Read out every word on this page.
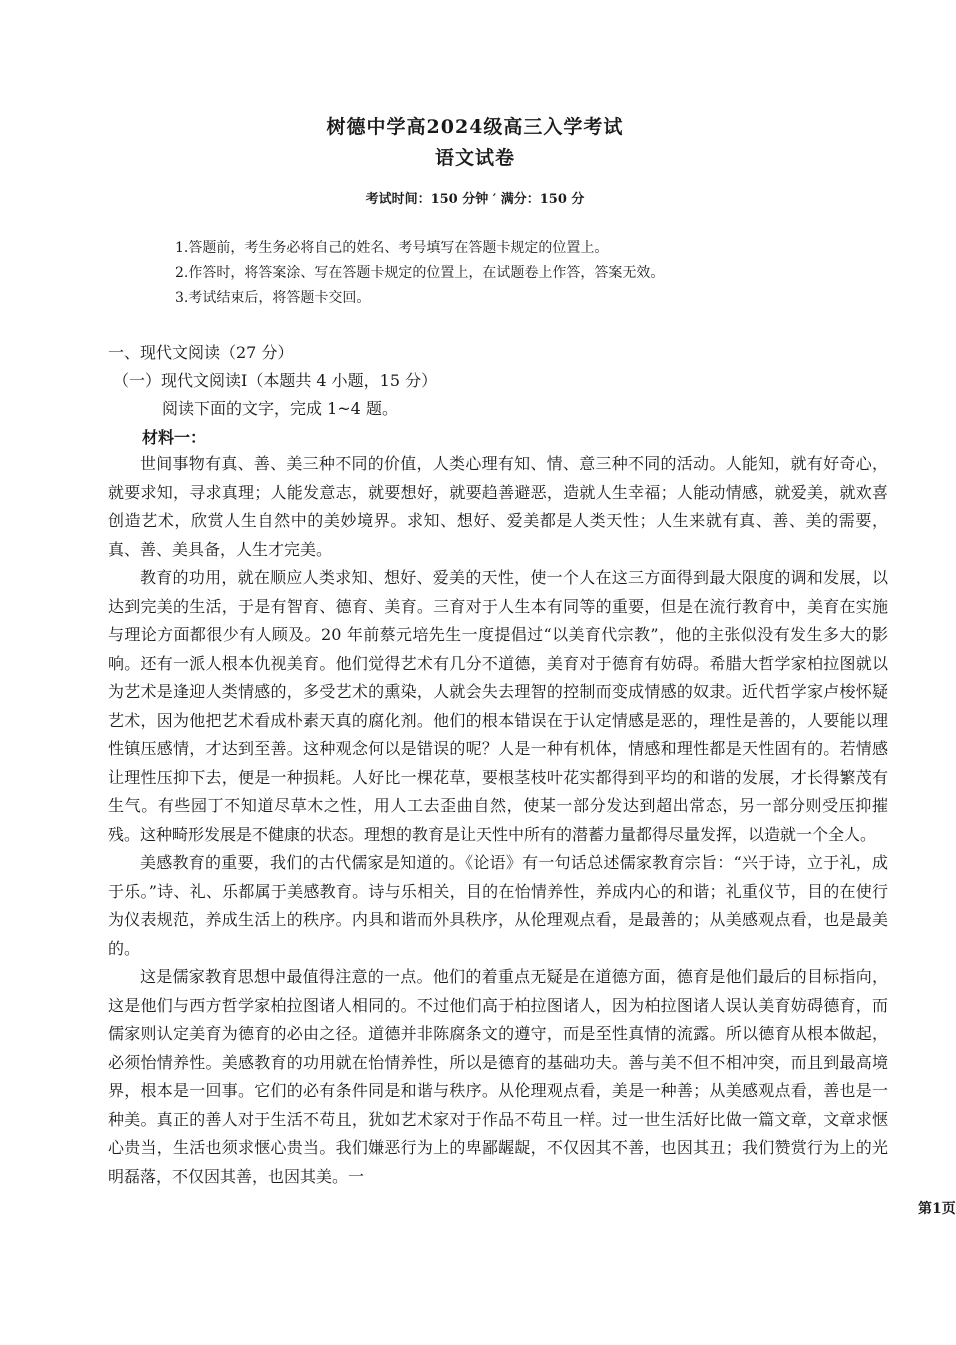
树德中学高2024级高三入学考试
语文试卷
考试时间：150 分钟 ′ 满分：150 分
1.答题前，考生务必将自己的姓名、考号填写在答题卡规定的位置上。
2.作答时，将答案涂、写在答题卡规定的位置上，在试题卷上作答，答案无效。
3.考试结束后，将答题卡交回。
一、现代文阅读（27 分）
（一）现代文阅读Ⅰ（本题共 4 小题，15 分）
阅读下面的文字，完成 1~4 题。
材料一：

世间事物有真、善、美三种不同的价值，人类心理有知、情、意三种不同的活动。人能知，就有好奇心，就要求知，寻求真理；人能发意志，就要想好，就要趋善避恶，造就人生幸福；人能动情感，就爱美，就欢喜创造艺术，欣赏人生自然中的美妙境界。求知、想好、爱美都是人类天性；人生来就有真、善、美的需要，真、善、美具备，人生才完美。

教育的功用，就在顺应人类求知、想好、爱美的天性，使一个人在这三方面得到最大限度的调和发展，以达到完美的生活，于是有智育、德育、美育。三育对于人生本有同等的重要，但是在流行教育中，美育在实施与理论方面都很少有人顾及。20 年前蔡元培先生一度提倡过“以美育代宗教”，他的主张似没有发生多大的影响。还有一派人根本仇视美育。他们觉得艺术有几分不道德，美育对于德育有妨碍。希腊大哲学家柏拉图就以为艺术是逢迎人类情感的，多受艺术的熏染，人就会失去理智的控制而变成情感的奴隶。近代哲学家卢梭怀疑艺术，因为他把艺术看成朴素天真的腐化剂。他们的根本错误在于认定情感是恶的，理性是善的，人要能以理性镇压感情，才达到至善。这种观念何以是错误的呢？人是一种有机体，情感和理性都是天性固有的。若情感让理性压抑下去，便是一种损耗。人好比一棵花草，要根茎枝叶花实都得到平均的和谐的发展，才长得繁茂有生气。有些园丁不知道尽草木之性，用人工去歪曲自然，使某一部分发达到超出常态，另一部分则受压抑摧残。这种畸形发展是不健康的状态。理想的教育是让天性中所有的潜蓄力量都得尽量发挥，以造就一个全人。

美感教育的重要，我们的古代儒家是知道的。《论语》有一句话总述儒家教育宗旨：“兴于诗，立于礼，成于乐。”诗、礼、乐都属于美感教育。诗与乐相关，目的在怡情养性，养成内心的和谐；礼重仪节，目的在使行为仪表规范，养成生活上的秩序。内具和谐而外具秩序，从伦理观点看，是最善的；从美感观点看，也是最美的。

这是儒家教育思想中最值得注意的一点。他们的着重点无疑是在道德方面，德育是他们最后的目标指向，这是他们与西方哲学家柏拉图诸人相同的。不过他们高于柏拉图诸人，因为柏拉图诸人误认美育妨碍德育，而儒家则认定美育为德育的必由之径。道德并非陈腐条文的遵守，而是至性真情的流露。所以德育从根本做起，必须怡情养性。美感教育的功用就在怡情养性，所以是德育的基础功夫。善与美不但不相冲突，而且到最高境界，根本是一回事。它们的必有条件同是和谐与秩序。从伦理观点看，美是一种善；从美感观点看，善也是一种美。真正的善人对于生活不苟且，犹如艺术家对于作品不苟且一样。过一世生活好比做一篇文章，文章求惬心贵当，生活也须求惬心贵当。我们嫌恶行为上的卑鄙龌龊，不仅因其不善，也因其丑；我们赞赏行为上的光明磊落，不仅因其善，也因其美。一

第1页
